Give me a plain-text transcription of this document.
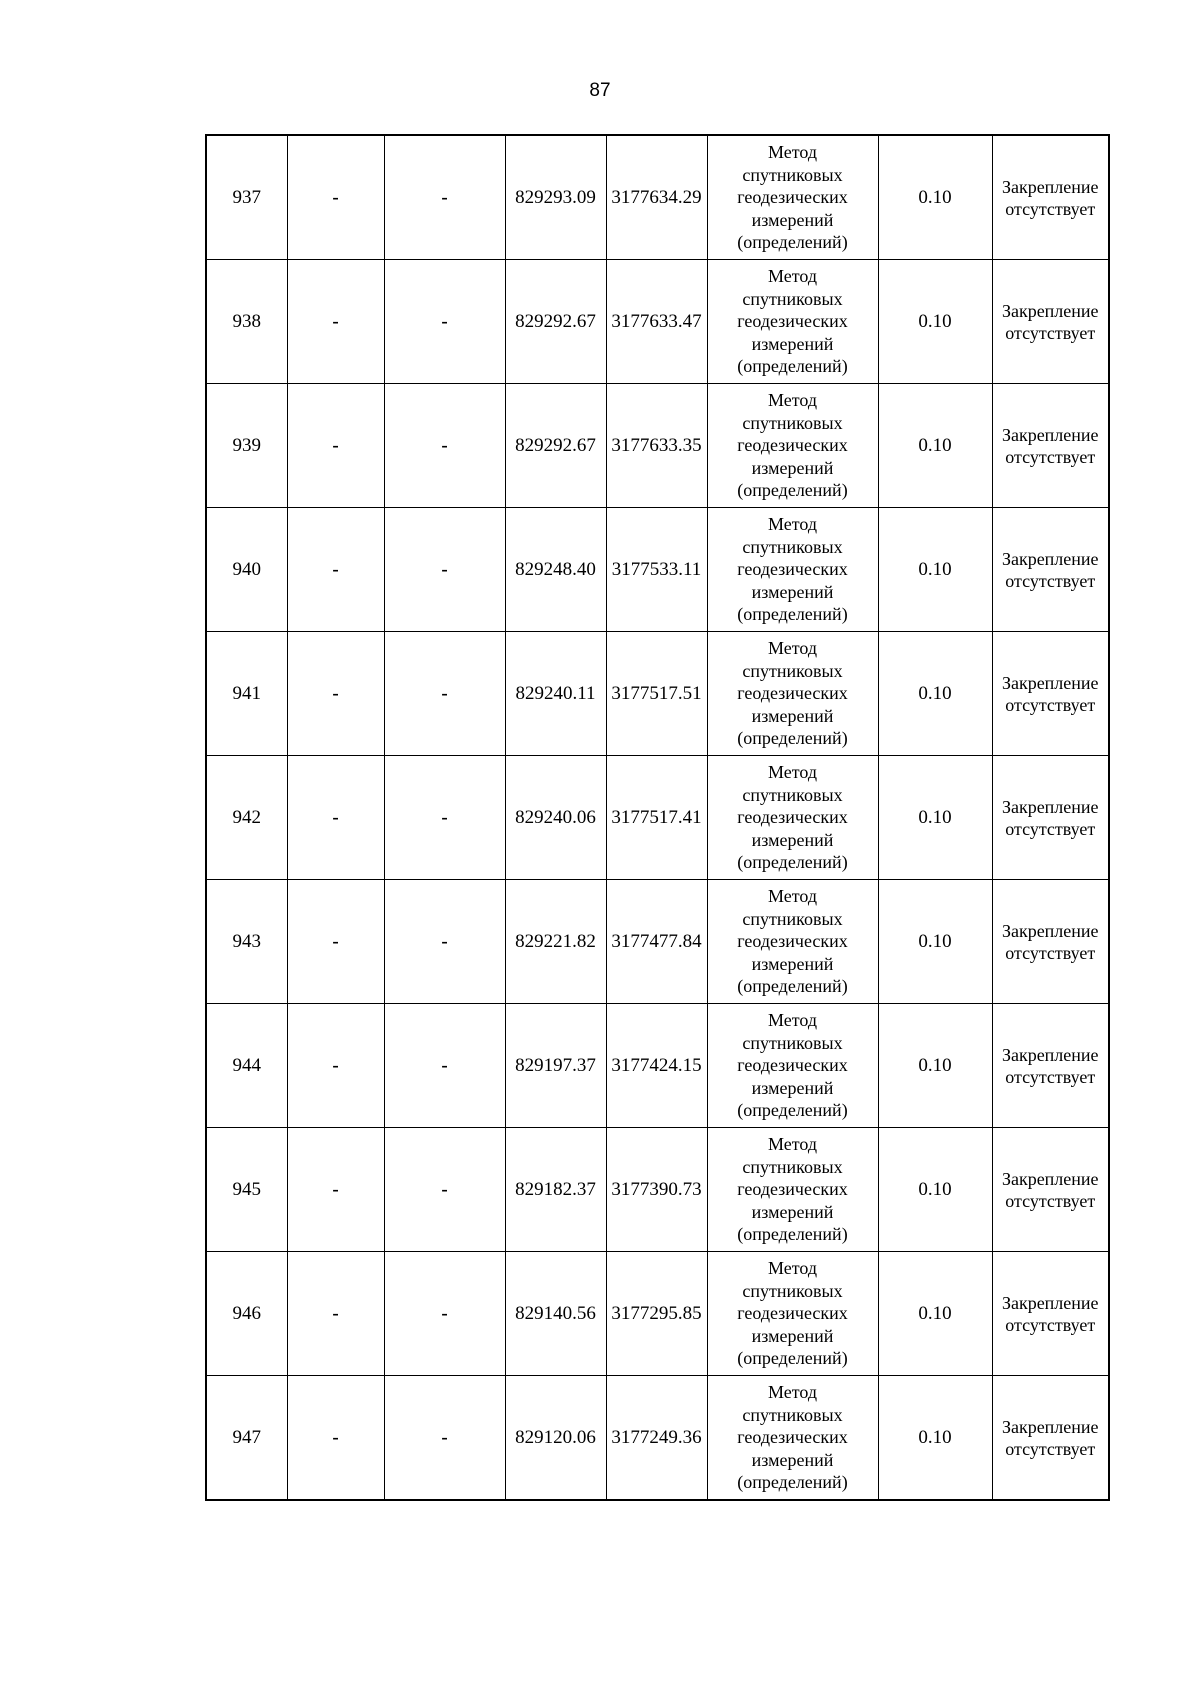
87
937	-	-	829293.09	3177634.29	Метод
спутниковых
геодезических
измерений
(определений)	0.10	Закрепление
отсутствует

938	-	-	829292.67	3177633.47	Метод
спутниковых
геодезических
измерений
(определений)	0.10	Закрепление
отсутствует

939	-	-	829292.67	3177633.35	Метод
спутниковых
геодезических
измерений
(определений)	0.10	Закрепление
отсутствует

940	-	-	829248.40	3177533.11	Метод
спутниковых
геодезических
измерений
(определений)	0.10	Закрепление
отсутствует

941	-	-	829240.11	3177517.51	Метод
спутниковых
геодезических
измерений
(определений)	0.10	Закрепление
отсутствует

942	-	-	829240.06	3177517.41	Метод
спутниковых
геодезических
измерений
(определений)	0.10	Закрепление
отсутствует

943	-	-	829221.82	3177477.84	Метод
спутниковых
геодезических
измерений
(определений)	0.10	Закрепление
отсутствует

944	-	-	829197.37	3177424.15	Метод
спутниковых
геодезических
измерений
(определений)	0.10	Закрепление
отсутствует

945	-	-	829182.37	3177390.73	Метод
спутниковых
геодезических
измерений
(определений)	0.10	Закрепление
отсутствует

946	-	-	829140.56	3177295.85	Метод
спутниковых
геодезических
измерений
(определений)	0.10	Закрепление
отсутствует

947	-	-	829120.06	3177249.36	Метод
спутниковых
геодезических
измерений
(определений)	0.10	Закрепление
отсутствует
